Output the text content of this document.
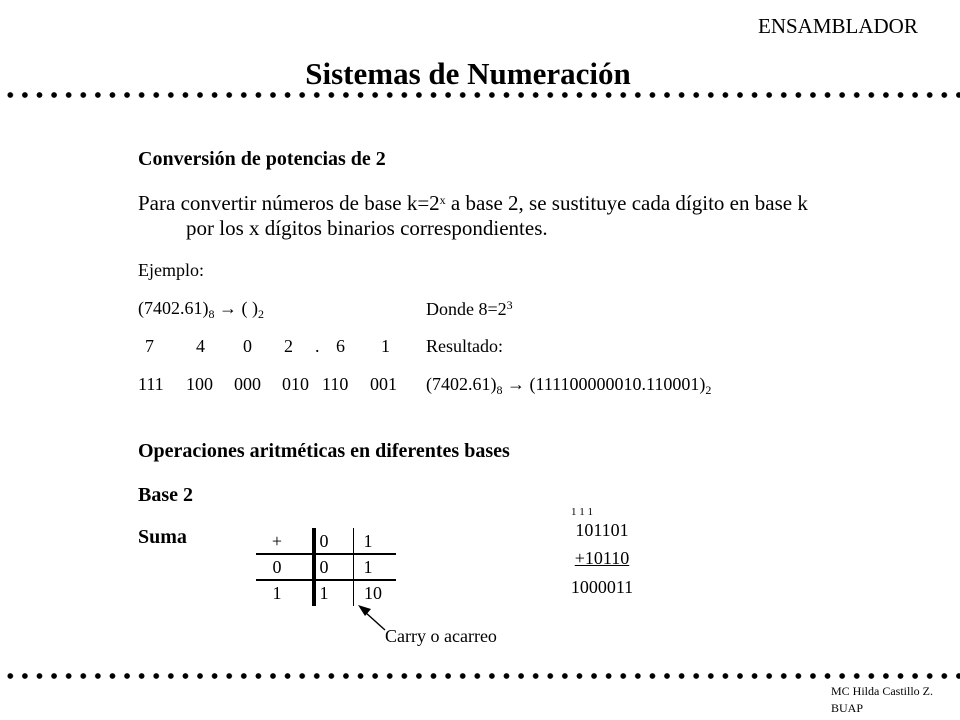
ENSAMBLADOR
Sistemas de Numeración
Conversión de potencias de 2
Para convertir números de base $k=2^x$ a base 2, se sustituye cada dígito en base k
por los x dígitos binarios correspondientes.
Ejemplo:
$(7402.61)_8$ → ( )$_2$	Donde $8=2^3$
7 4 0 2 . 6 1 Resultado:
111 100 000 010 110 001 $(7402.61)_8 \to (111100000010.110001)_2$
Operaciones aritméticas en diferentes bases
Base 2
Suma	+	0	1
0	0	1
1	1	10
Carry o acarreo
1 1 1
101101
+10110
1000011
MC Hilda Castillo Z.
BUAP
